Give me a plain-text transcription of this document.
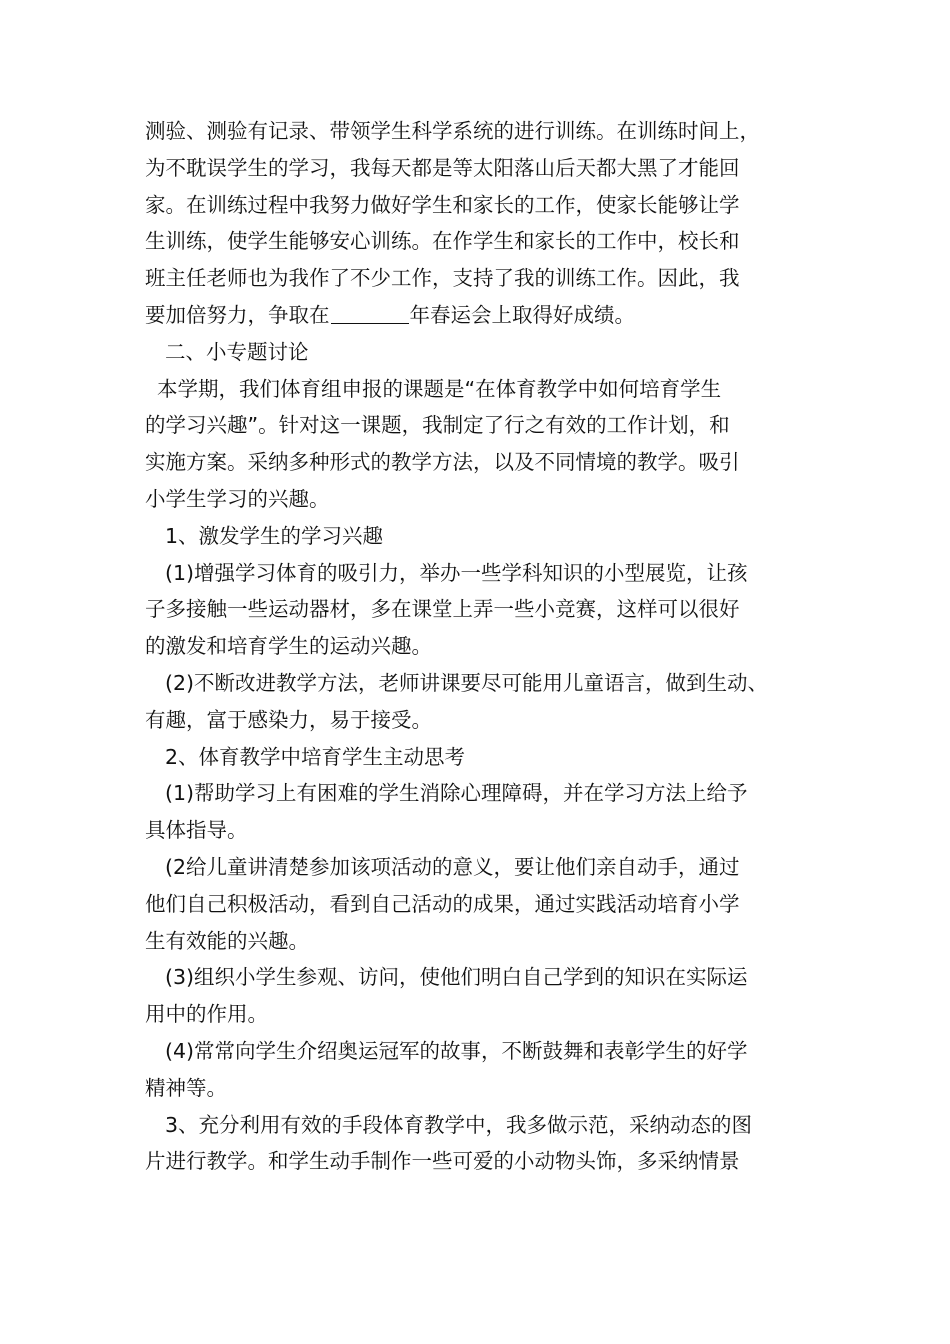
测验、测验有记录、带领学生科学系统的进行训练。在训练时间上，
为不耽误学生的学习，我每天都是等太阳落山后天都大黑了才能回
家。在训练过程中我努力做好学生和家长的工作，使家长能够让学
生训练，使学生能够安心训练。在作学生和家长的工作中，校长和
班主任老师也为我作了不少工作，支持了我的训练工作。因此，我
要加倍努力，争取在	年春运会上取得好成绩。
二、小专题讨论
本学期，我们体育组申报的课题是“在体育教学中如何培育学生
的学习兴趣”。针对这一课题，我制定了行之有效的工作计划，和
实施方案。采纳多种形式的教学方法，以及不同情境的教学。吸引
小学生学习的兴趣。
1、激发学生的学习兴趣
(1)增强学习体育的吸引力，举办一些学科知识的小型展览，让孩
子多接触一些运动器材，多在课堂上弄一些小竞赛，这样可以很好
的激发和培育学生的运动兴趣。
(2)不断改进教学方法，老师讲课要尽可能用儿童语言，做到生动、
有趣，富于感染力，易于接受。
2、体育教学中培育学生主动思考
(1)帮助学习上有困难的学生消除心理障碍，并在学习方法上给予
具体指导。
(2给儿童讲清楚参加该项活动的意义，要让他们亲自动手，通过
他们自己积极活动，看到自己活动的成果，通过实践活动培育小学
生有效能的兴趣。
(3)组织小学生参观、访问，使他们明白自己学到的知识在实际运
用中的作用。
(4)常常向学生介绍奥运冠军的故事，不断鼓舞和表彰学生的好学
精神等。
3、充分利用有效的手段体育教学中，我多做示范，采纳动态的图
片进行教学。和学生动手制作一些可爱的小动物头饰，多采纳情景
